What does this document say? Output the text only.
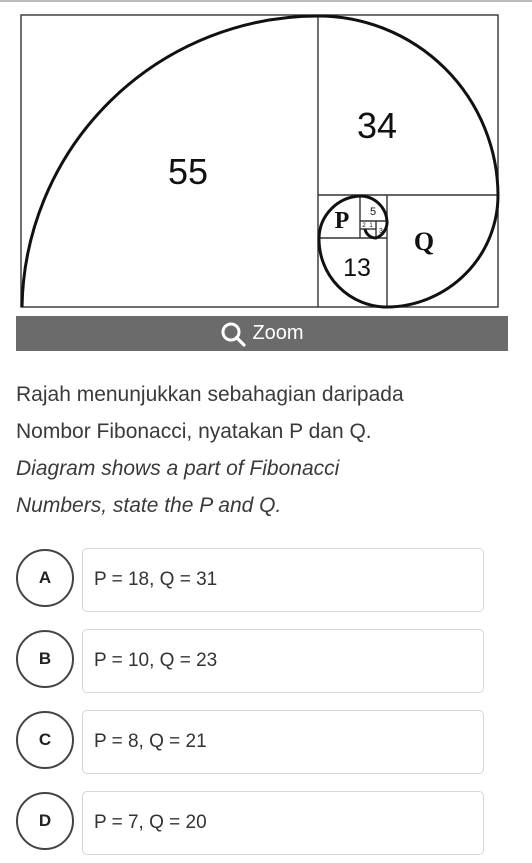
55
34
P 5
3
2 1
Q
13
Zoom

Rajah menunjukkan sebahagian daripada

Nombor Fibonacci, nyatakan P dan Q.

Diagram shows a part of Fibonacci

Numbers, state the P and Q.

A	P = 18, Q = 31
B	P = 10, Q = 23
C	P = 8, Q = 21
D	P = 7, Q = 20
